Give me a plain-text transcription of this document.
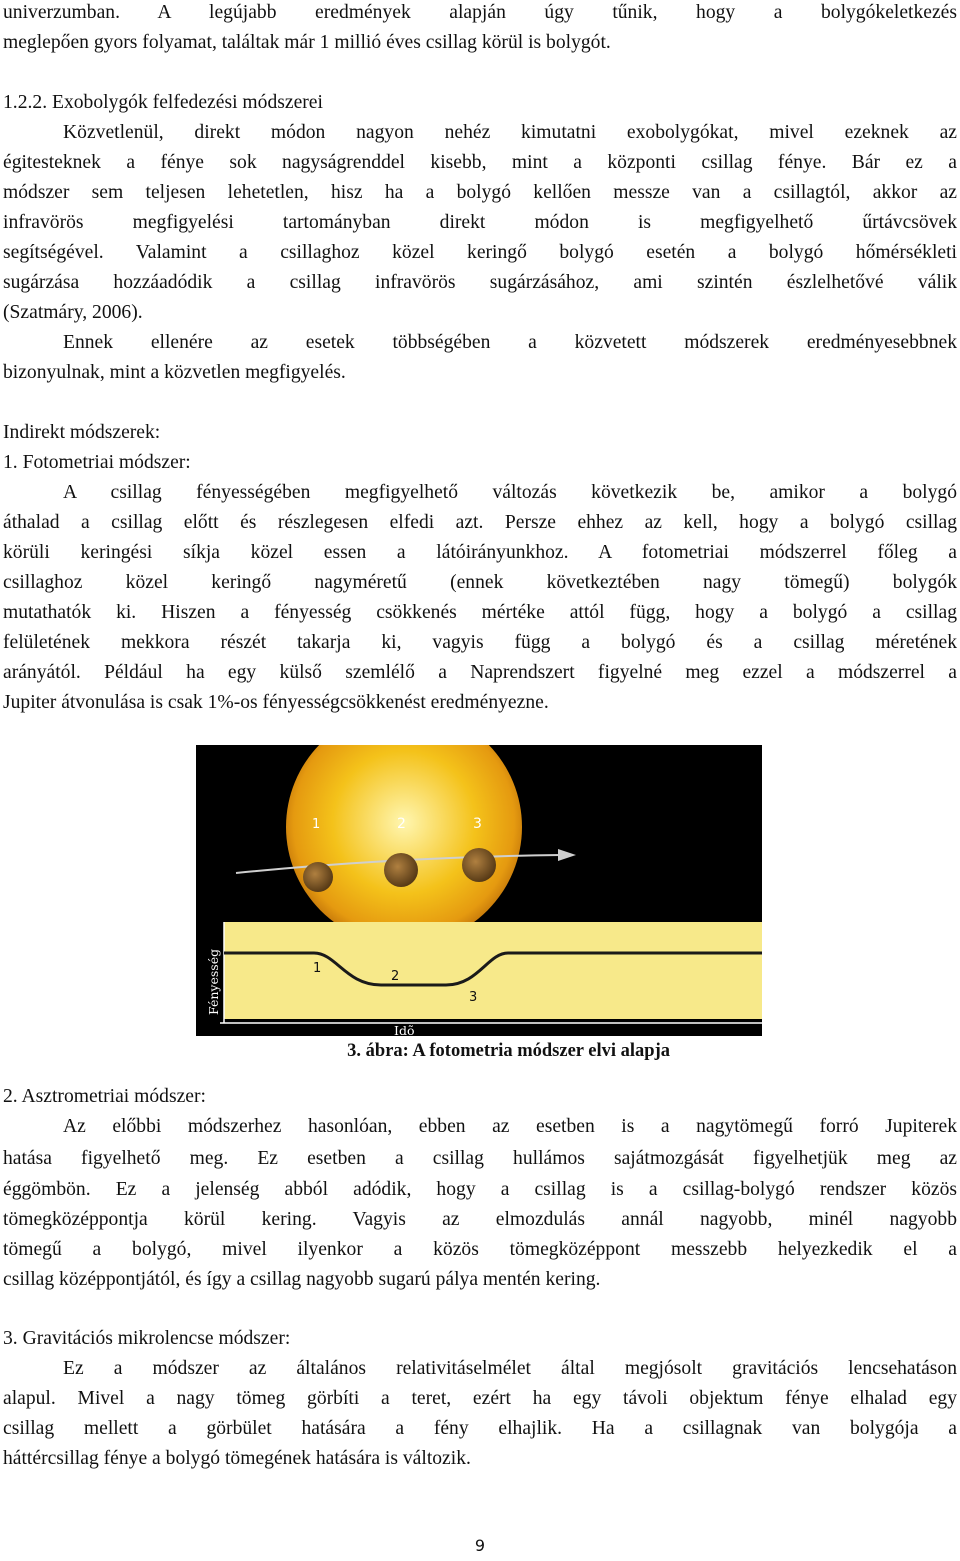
univerzumban. A legújabb eredmények alapján úgy tűnik, hogy a bolygókeletkezés
meglepően gyors folyamat, találtak már 1 millió éves csillag körül is bolygót.
1.2.2. Exobolygók felfedezési módszerei
Közvetlenül, direkt módon nagyon nehéz kimutatni exobolygókat, mivel ezeknek az
égitesteknek a fénye sok nagyságrenddel kisebb, mint a központi csillag fénye. Bár ez a
módszer sem teljesen lehetetlen, hisz ha a bolygó kellően messze van a csillagtól, akkor az
infravörös megfigyelési tartományban direkt módon is megfigyelhető űrtávcsövek
segítségével. Valamint a csillaghoz közel keringő bolygó esetén a bolygó hőmérsékleti
sugárzása hozzáadódik a csillag infravörös sugárzásához, ami szintén észlelhetővé válik
(Szatmáry, 2006).
Ennek ellenére az esetek többségében a közvetett módszerek eredményesebbnek
bizonyulnak, mint a közvetlen megfigyelés.
Indirekt módszerek:
1. Fotometriai módszer:
A csillag fényességében megfigyelhető változás következik be, amikor a bolygó
áthalad a csillag előtt és részlegesen elfedi azt. Persze ehhez az kell, hogy a bolygó csillag
körüli keringési síkja közel essen a látóirányunkhoz. A fotometriai módszerrel főleg a
csillaghoz közel keringő nagyméretű (ennek következtében nagy tömegű) bolygók
mutathatók ki. Hiszen a fényesség csökkenés mértéke attól függ, hogy a bolygó a csillag
felületének mekkora részét takarja ki, vagyis függ a bolygó és a csillag méretének
arányától. Például ha egy külső szemlélő a Naprendszert figyelné meg ezzel a módszerrel a
Jupiter átvonulása is csak 1%-os fényességcsökkenést eredményezne.
1	2	3
1
2
3
Fényesség
Idõ
3. ábra: A fotometria módszer elvi alapja
2. Asztrometriai módszer:
Az előbbi módszerhez hasonlóan, ebben az esetben is a nagytömegű forró Jupiterek
hatása figyelhető meg. Ez esetben a csillag hullámos sajátmozgását figyelhetjük meg az
éggömbön. Ez a jelenség abból adódik, hogy a csillag is a csillag-bolygó rendszer közös
tömegközéppontja körül kering. Vagyis az elmozdulás annál nagyobb, minél nagyobb
tömegű a bolygó, mivel ilyenkor a közös tömegközéppont messzebb helyezkedik el a
csillag középpontjától, és így a csillag nagyobb sugarú pálya mentén kering.
3. Gravitációs mikrolencse módszer:
Ez a módszer az általános relativitáselmélet által megjósolt gravitációs lencsehatáson
alapul. Mivel a nagy tömeg görbíti a teret, ezért ha egy távoli objektum fénye elhalad egy
csillag mellett a görbület hatására a fény elhajlik. Ha a csillagnak van bolygója a
háttércsillag fénye a bolygó tömegének hatására is változik.
9
